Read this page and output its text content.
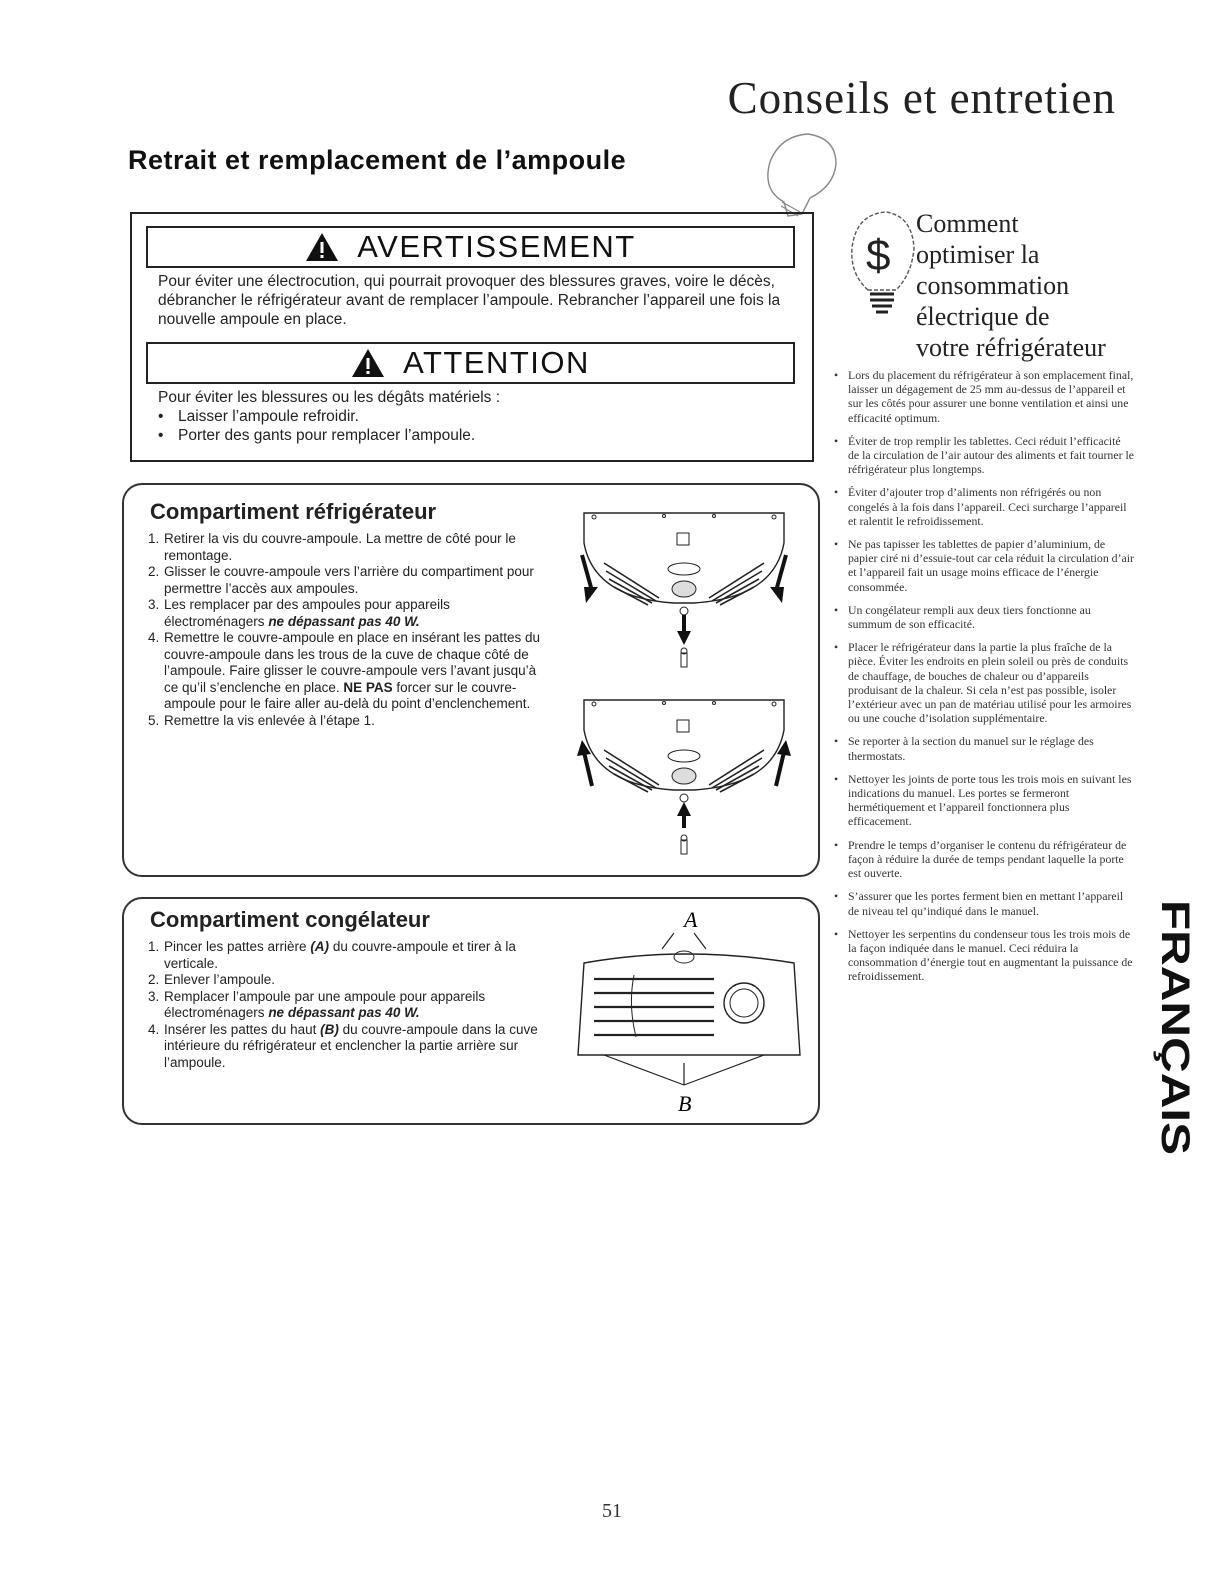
Conseils et entretien
Retrait et remplacement de l’ampoule
AVERTISSEMENT
Pour éviter une électrocution, qui pourrait provoquer des blessures graves, voire le décès, débrancher le réfrigérateur avant de remplacer l’ampoule. Rebrancher l’appareil une fois la nouvelle ampoule en place.
ATTENTION
Pour éviter les blessures ou les dégâts matériels :
• Laisser l’ampoule refroidir.
• Porter des gants pour remplacer l’ampoule.
Compartiment réfrigérateur
1. Retirer la vis du couvre-ampoule. La mettre de côté pour le remontage.
2. Glisser le couvre-ampoule vers l’arrière du compartiment pour permettre l’accès aux ampoules.
3. Les remplacer par des ampoules pour appareils électroménagers ne dépassant pas 40 W.
4. Remettre le couvre-ampoule en place en insérant les pattes du couvre-ampoule dans les trous de la cuve de chaque côté de l’ampoule. Faire glisser le couvre-ampoule vers l’avant jusqu’à ce qu’il s’enclenche en place. NE PAS forcer sur le couvre-ampoule pour le faire aller au-delà du point d’enclenchement.
5. Remettre la vis enlevée à l’étape 1.
Compartiment congélateur
1. Pincer les pattes arrière (A) du couvre-ampoule et tirer à la verticale.
2. Enlever l’ampoule.
3. Remplacer l’ampoule par une ampoule pour appareils électroménagers ne dépassant pas 40 W.
4. Insérer les pattes du haut (B) du couvre-ampoule dans la cuve intérieure du réfrigérateur et enclencher la partie arrière sur l’ampoule.
A
B
$
Comment
optimiser la
consommation
électrique de
votre réfrigérateur
• Lors du placement du réfrigérateur à son emplacement final, laisser un dégagement de 25 mm au-dessus de l’appareil et sur les côtés pour assurer une bonne ventilation et ainsi une efficacité optimum.
• Éviter de trop remplir les tablettes. Ceci réduit l’efficacité de la circulation de l’air autour des aliments et fait tourner le réfrigérateur plus longtemps.
• Éviter d’ajouter trop d’aliments non réfrigérés ou non congelés à la fois dans l’appareil. Ceci surcharge l’appareil et ralentit le refroidissement.
• Ne pas tapisser les tablettes de papier d’aluminium, de papier ciré ni d’essuie-tout car cela réduit la circulation d’air et l’appareil fait un usage moins efficace de l’énergie consommée.
• Un congélateur rempli aux deux tiers fonctionne au summum de son efficacité.
• Placer le réfrigérateur dans la partie la plus fraîche de la pièce. Éviter les endroits en plein soleil ou près de conduits de chauffage, de bouches de chaleur ou d’appareils produisant de la chaleur. Si cela n’est pas possible, isoler l’extérieur avec un pan de matériau utilisé pour les armoires ou une couche d’isolation supplémentaire.
• Se reporter à la section du manuel sur le réglage des thermostats.
• Nettoyer les joints de porte tous les trois mois en suivant les indications du manuel. Les portes se fermeront hermétiquement et l’appareil fonctionnera plus efficacement.
• Prendre le temps d’organiser le contenu du réfrigérateur de façon à réduire la durée de temps pendant laquelle la porte est ouverte.
• S’assurer que les portes ferment bien en mettant l’appareil de niveau tel qu’indiqué dans le manuel.
• Nettoyer les serpentins du condenseur tous les trois mois de la façon indiquée dans le manuel. Ceci réduira la consommation d’énergie tout en augmentant la puissance de refroidissement.	FRANÇAIS
51
